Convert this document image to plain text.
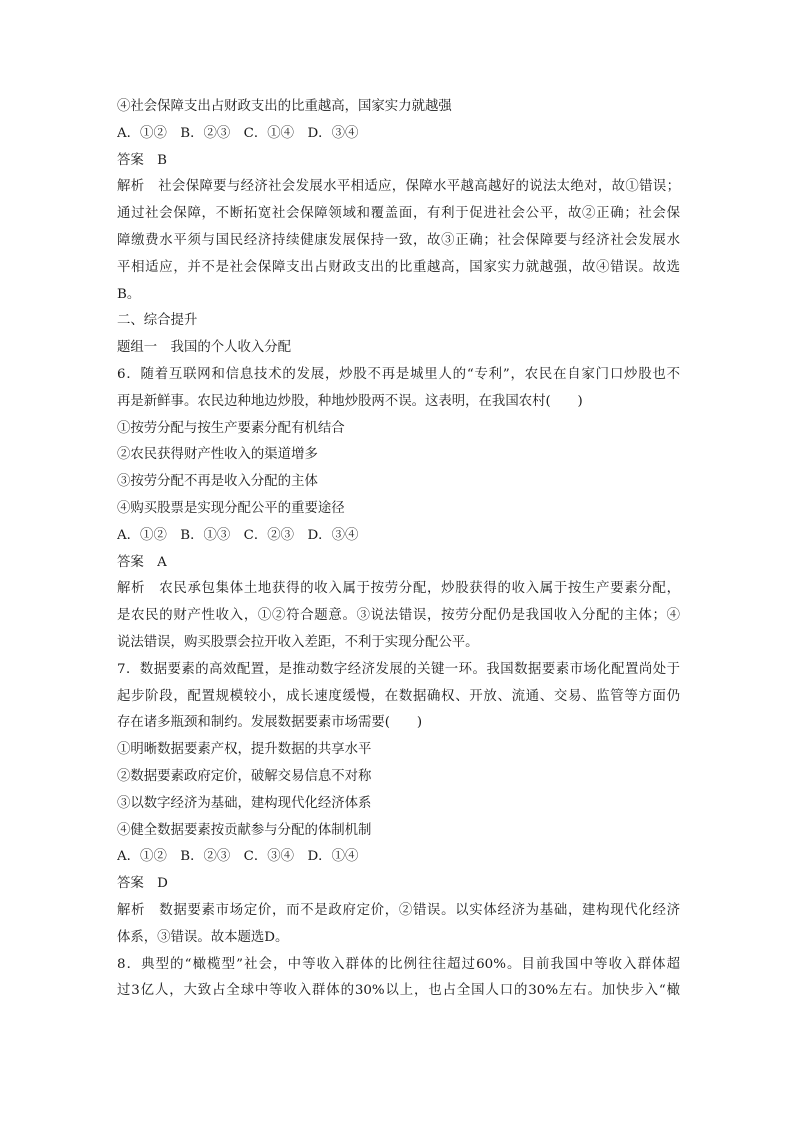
④社会保障支出占财政支出的比重越高，国家实力就越强
A．①②　B．②③　C．①④　D．③④
答案　B
解析　社会保障要与经济社会发展水平相适应，保障水平越高越好的说法太绝对，故①错误；
通过社会保障，不断拓宽社会保障领域和覆盖面，有利于促进社会公平，故②正确；社会保
障缴费水平须与国民经济持续健康发展保持一致，故③正确；社会保障要与经济社会发展水
平相适应，并不是社会保障支出占财政支出的比重越高，国家实力就越强，故④错误。故选
B。
二、综合提升
题组一　我国的个人收入分配
6．随着互联网和信息技术的发展，炒股不再是城里人的“专利”，农民在自家门口炒股也不
再是新鲜事。农民边种地边炒股，种地炒股两不误。这表明，在我国农村(　　)
①按劳分配与按生产要素分配有机结合
②农民获得财产性收入的渠道增多
③按劳分配不再是收入分配的主体
④购买股票是实现分配公平的重要途径
A．①②　B．①③　C．②③　D．③④
答案　A
解析　农民承包集体土地获得的收入属于按劳分配，炒股获得的收入属于按生产要素分配，
是农民的财产性收入，①②符合题意。③说法错误，按劳分配仍是我国收入分配的主体；④
说法错误，购买股票会拉开收入差距，不利于实现分配公平。
7．数据要素的高效配置，是推动数字经济发展的关键一环。我国数据要素市场化配置尚处于
起步阶段，配置规模较小，成长速度缓慢，在数据确权、开放、流通、交易、监管等方面仍
存在诸多瓶颈和制约。发展数据要素市场需要(　　)
①明晰数据要素产权，提升数据的共享水平
②数据要素政府定价，破解交易信息不对称
③以数字经济为基础，建构现代化经济体系
④健全数据要素按贡献参与分配的体制机制
A．①②　B．②③　C．③④　D．①④
答案　D
解析　数据要素市场定价，而不是政府定价，②错误。以实体经济为基础，建构现代化经济
体系，③错误。故本题选D。
8．典型的“橄榄型”社会，中等收入群体的比例往往超过60%。目前我国中等收入群体超
过3亿人，大致占全球中等收入群体的30%以上，也占全国人口的30%左右。加快步入“橄
